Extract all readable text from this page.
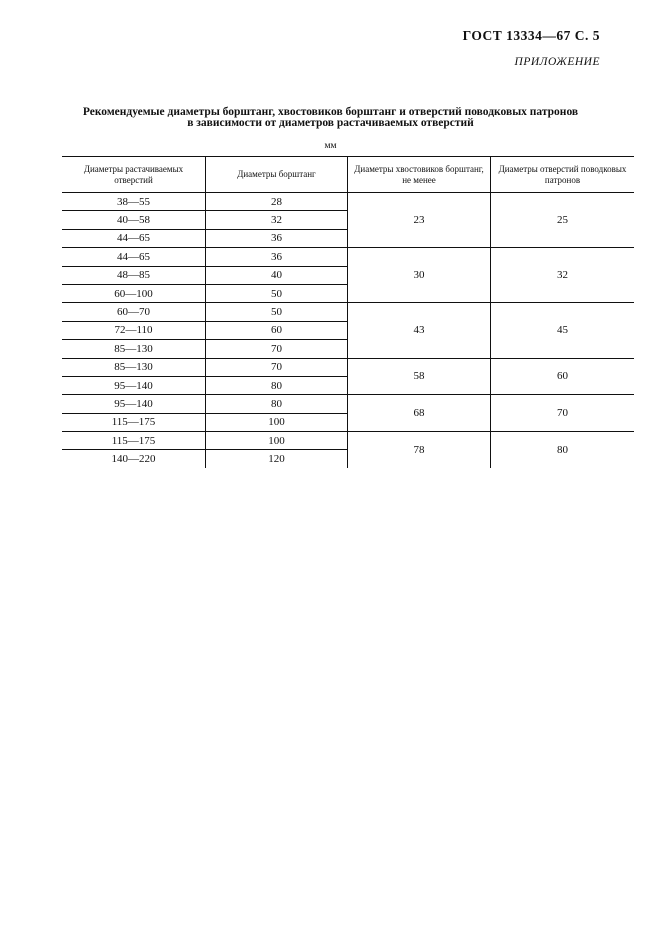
ГОСТ 13334—67 С. 5
ПРИЛОЖЕНИЕ
Рекомендуемые диаметры борштанг, хвостовиков борштанг и отверстий поводковых патронов
в зависимости от диаметров растачиваемых отверстий
мм
Диаметры растачиваемых отверстий	Диаметры борштанг	Диаметры хвостовиков борштанг, не менее	Диаметры отверстий поводковых патронов
38—55	28	23	25
40—58	32		
44—65	36		
44—65	36	30	32
48—85	40		
60—100	50		
60—70	50	43	45
72—110	60		
85—130	70		
85—130	70	58	60
95—140	80		
95—140	80	68	70
115—175	100		
115—175	100	78	80
140—220	120		
